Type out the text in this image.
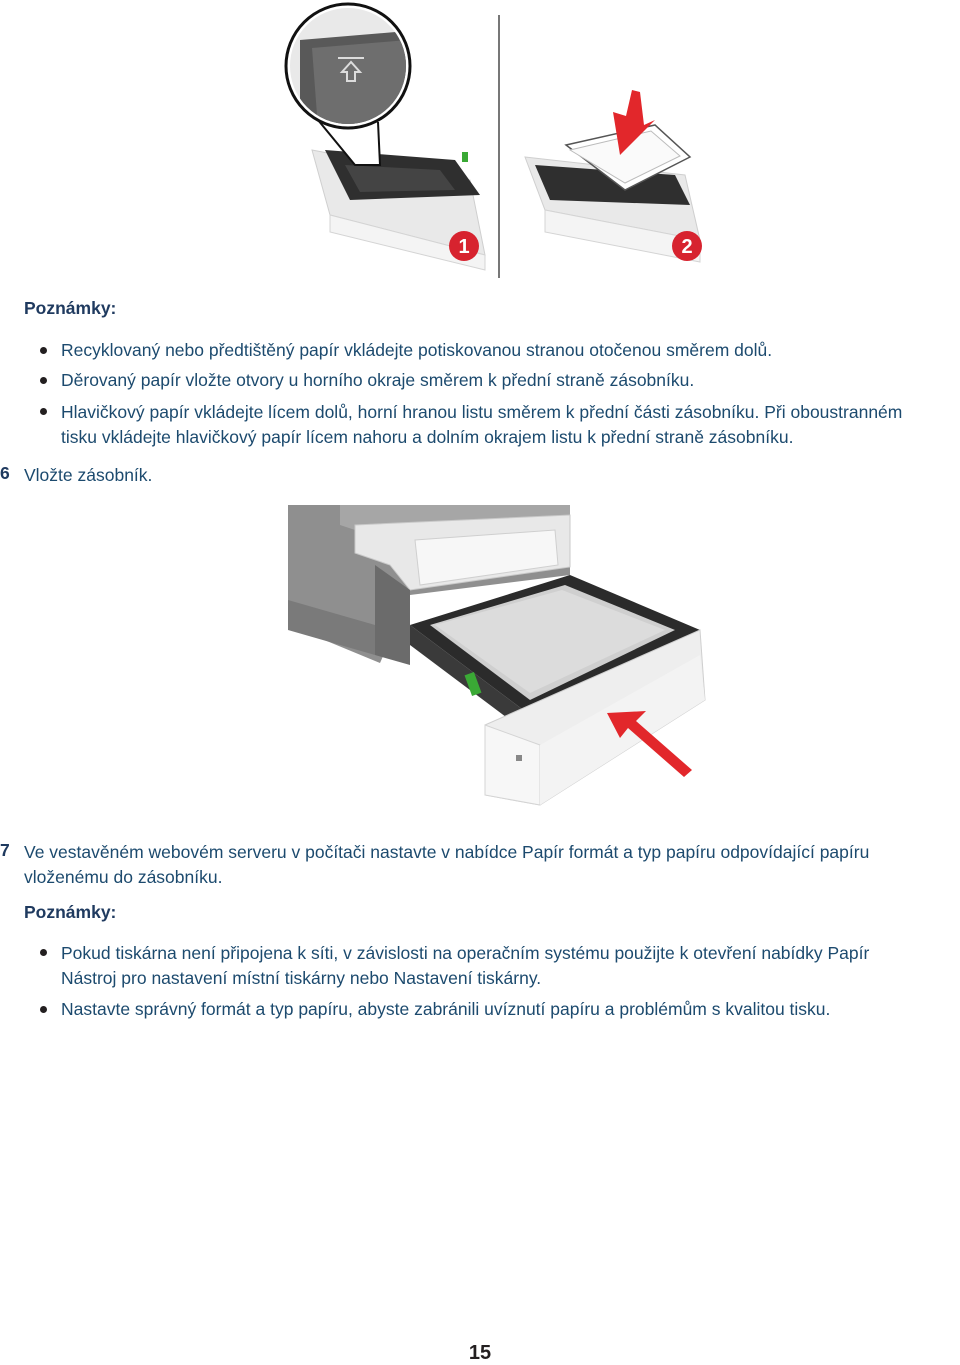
1	2
Poznámky:
Recyklovaný nebo předtištěný papír vkládejte potiskovanou stranou otočenou směrem dolů.
Děrovaný papír vložte otvory u horního okraje směrem k přední straně zásobníku.
Hlavičkový papír vkládejte lícem dolů, horní hranou listu směrem k přední části zásobníku. Při oboustranném
tisku vkládejte hlavičkový papír lícem nahoru a dolním okrajem listu k přední straně zásobníku.
6 Vložte zásobník.
7 Ve vestavěném webovém serveru v počítači nastavte v nabídce Papír formát a typ papíru odpovídající papíru
vloženému do zásobníku.
Poznámky:
Pokud tiskárna není připojena k síti, v závislosti na operačním systému použijte k otevření nabídky Papír
Nástroj pro nastavení místní tiskárny nebo Nastavení tiskárny.
Nastavte správný formát a typ papíru, abyste zabránili uvíznutí papíru a problémům s kvalitou tisku.
15
